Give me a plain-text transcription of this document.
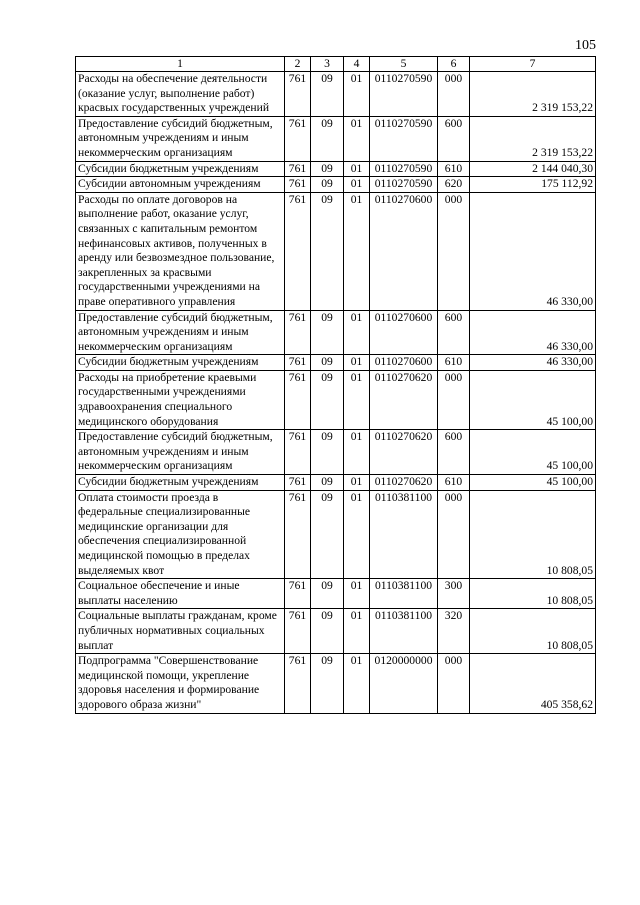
105
1	2	3	4	5	6	7
Расходы на обеспечение деятельности (оказание услуг, выполнение работ) красвых государственных учреждений	761	09	01	0110270590	000	2 319 153,22
Предоставление субсидий бюджетным, автономным учреждениям и иным некоммерческим организациям	761	09	01	0110270590	600	2 319 153,22
Субсидии бюджетным учреждениям	761	09	01	0110270590	610	2 144 040,30
Субсидии автономным учреждениям	761	09	01	0110270590	620	175 112,92
Расходы по оплате договоров на выполнение работ, оказание услуг, связанных с капитальным ремонтом нефинансовых активов, полученных в аренду или безвозмездное пользование, закрепленных за красвыми государственными учреждениями на праве оперативного управления	761	09	01	0110270600	000	46 330,00
Предоставление субсидий бюджетным, автономным учреждениям и иным некоммерческим организациям	761	09	01	0110270600	600	46 330,00
Субсидии бюджетным учреждениям	761	09	01	0110270600	610	46 330,00
Расходы на приобретение краевыми государственными учреждениями здравоохранения специального медицинского оборудования	761	09	01	0110270620	000	45 100,00
Предоставление субсидий бюджетным, автономным учреждениям и иным некоммерческим организациям	761	09	01	0110270620	600	45 100,00
Субсидии бюджетным учреждениям	761	09	01	0110270620	610	45 100,00
Оплата стоимости проезда в федеральные специализированные медицинские организации для обеспечения специализированной медицинской помощью в пределах выделяемых квот	761	09	01	0110381100	000	10 808,05
Социальное обеспечение и иные выплаты населению	761	09	01	0110381100	300	10 808,05
Социальные выплаты гражданам, кроме публичных нормативных социальных выплат	761	09	01	0110381100	320	10 808,05
Подпрограмма "Совершенствование медицинской помощи, укрепление здоровья населения и формирование здорового образа жизни"	761	09	01	0120000000	000	405 358,62
